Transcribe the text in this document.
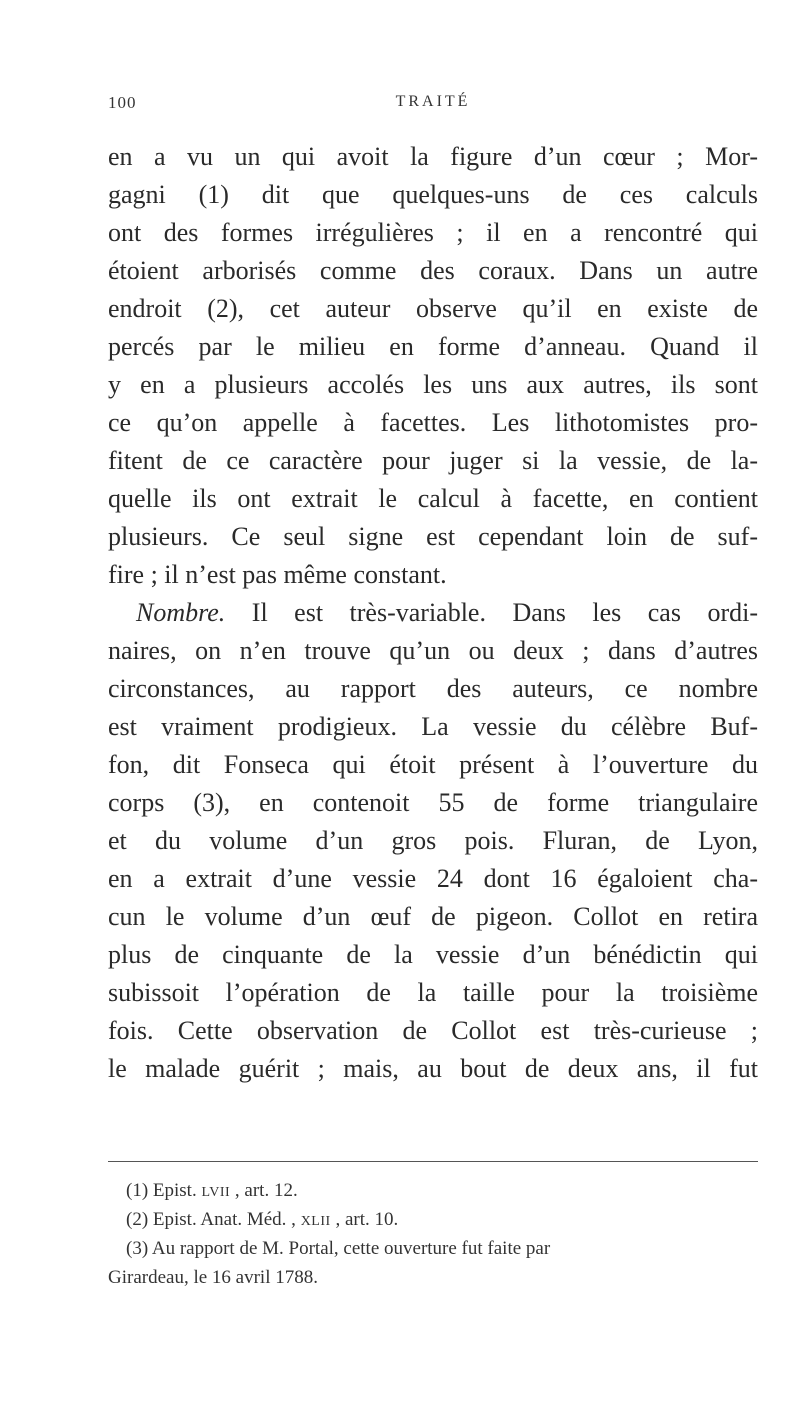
100	TRAITÉ
en a vu un qui avoit la figure d’un cœur ; Mor-
gagni (1) dit que quelques-uns de ces calculs
ont des formes irrégulières ; il en a rencontré qui
étoient arborisés comme des coraux. Dans un autre
endroit (2), cet auteur observe qu’il en existe de
percés par le milieu en forme d’anneau. Quand il
y en a plusieurs accolés les uns aux autres, ils sont
ce qu’on appelle à facettes. Les lithotomistes pro-
fitent de ce caractère pour juger si la vessie, de la-
quelle ils ont extrait le calcul à facette, en contient
plusieurs. Ce seul signe est cependant loin de suf-
fire ; il n’est pas même constant.
Nombre. Il est très-variable. Dans les cas ordi-
naires, on n’en trouve qu’un ou deux ; dans d’autres
circonstances, au rapport des auteurs, ce nombre
est vraiment prodigieux. La vessie du célèbre Buf-
fon, dit Fonseca qui étoit présent à l’ouverture du
corps (3), en contenoit 55 de forme triangulaire
et du volume d’un gros pois. Fluran, de Lyon,
en a extrait d’une vessie 24 dont 16 égaloient cha-
cun le volume d’un œuf de pigeon. Collot en retira
plus de cinquante de la vessie d’un bénédictin qui
subissoit l’opération de la taille pour la troisième
fois. Cette observation de Collot est très-curieuse ;
le malade guérit ; mais, au bout de deux ans, il fut
(1) Epist. LVII , art. 12.
(2) Epist. Anat. Méd. , XLII , art. 10.
(3) Au rapport de M. Portal, cette ouverture fut faite par
Girardeau, le 16 avril 1788.
